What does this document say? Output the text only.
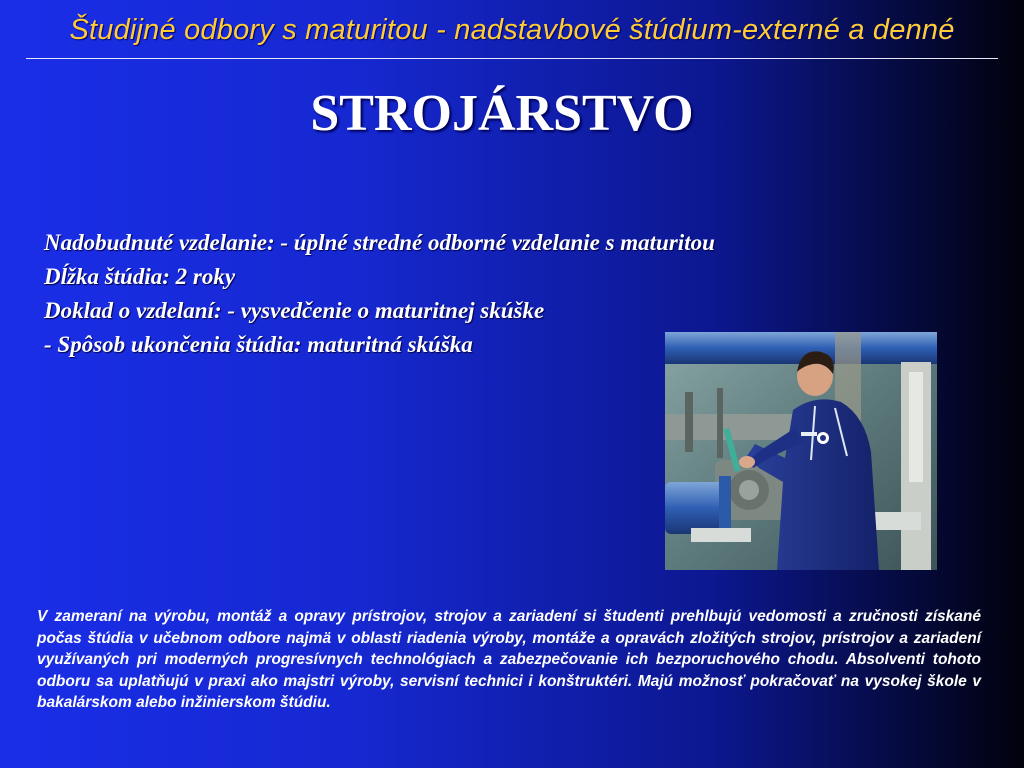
Študijné odbory s maturitou - nadstavbové štúdium-externé a denné
STROJÁRSTVO
Nadobudnuté vzdelanie: - úplné stredné odborné vzdelanie s maturitou
Dĺžka štúdia: 2 roky
Doklad o vzdelaní: - vysvedčenie o maturitnej skúške
- Spôsob ukončenia štúdia: maturitná skúška
V zameraní na výrobu, montáž a opravy prístrojov, strojov a zariadení si študenti prehlbujú vedomosti a zručnosti získané počas štúdia v učebnom odbore najmä v oblasti riadenia výroby, montáže a opravách zložitých strojov, prístrojov a zariadení využívaných pri moderných progresívnych technológiach a zabezpečovanie ich bezporuchového chodu. Absolventi tohoto odboru sa uplatňujú v praxi ako majstri výroby, servisní technici i konštruktéri. Majú možnosť pokračovať na vysokej škole v bakalárskom alebo inžinierskom štúdiu.
